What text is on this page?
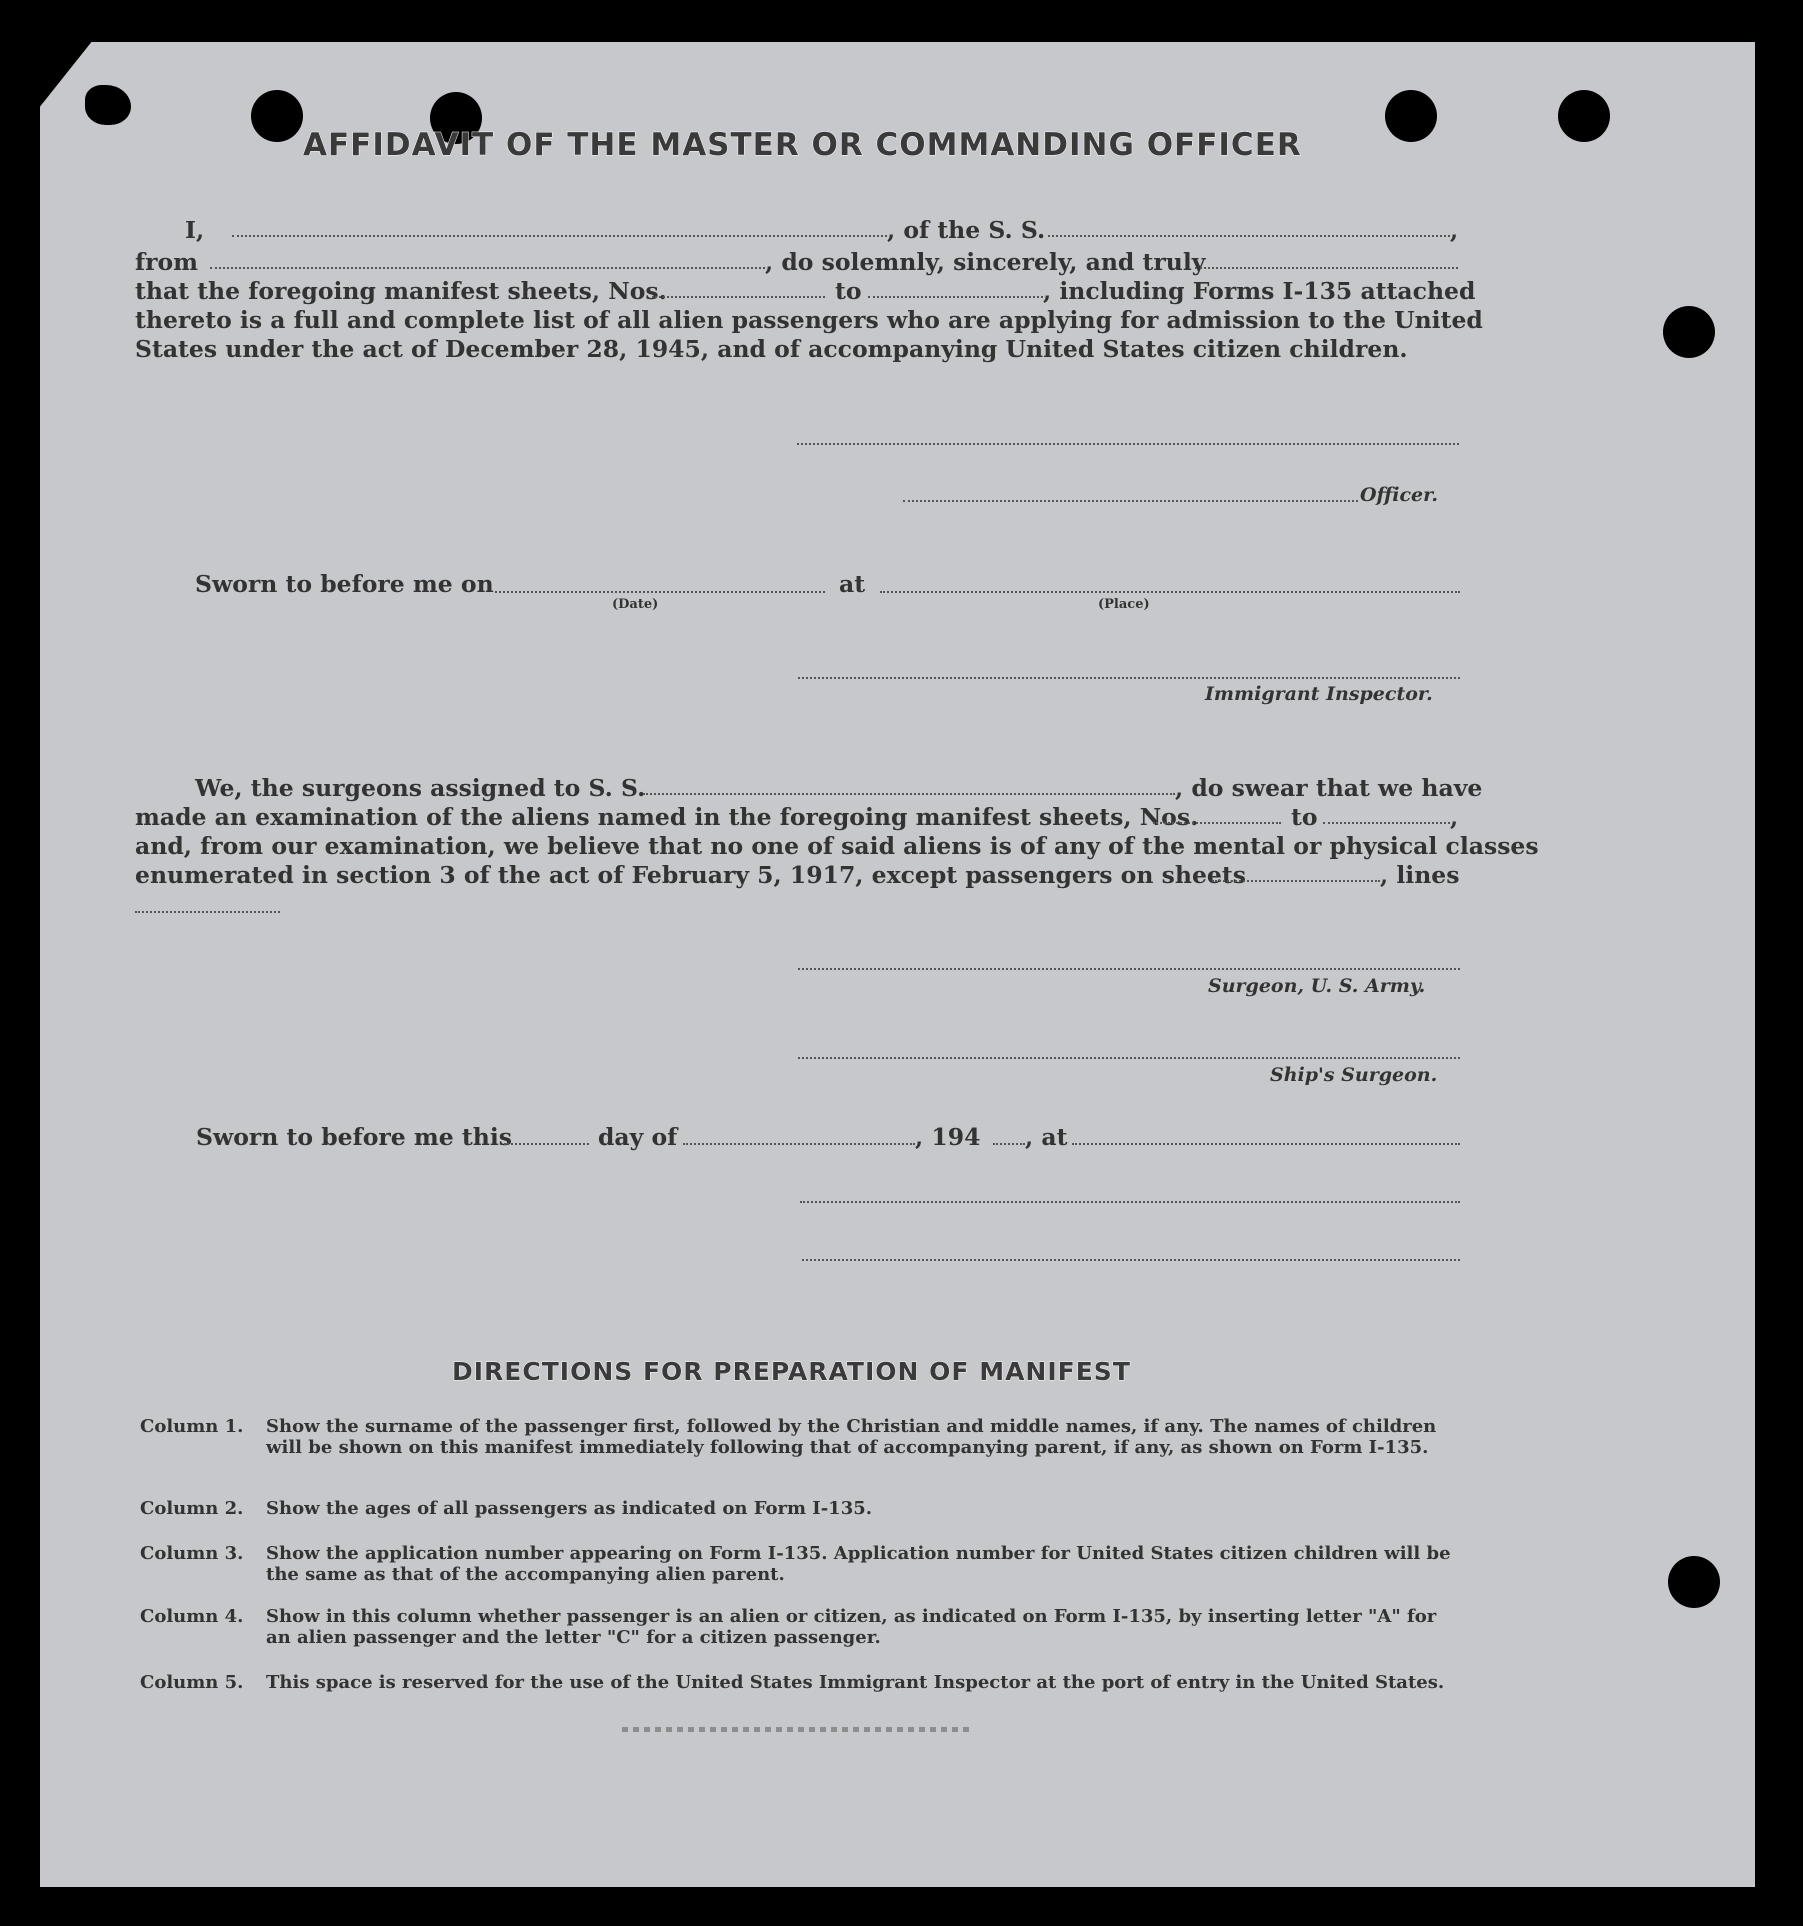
AFFIDAVIT OF THE MASTER OR COMMANDING OFFICER
I,	, of the S. S.	,
from	, do solemnly, sincerely, and truly
that the foregoing manifest sheets, Nos.	to	, including Forms I-135 attached
thereto is a full and complete list of all alien passengers who are applying for admission to the United
States under the act of December 28, 1945, and of accompanying United States citizen children.
Officer.
Sworn to before me on
(Date)
at
(Place)
Immigrant Inspector.
We, the surgeons assigned to S. S.	, do swear that we have
made an examination of the aliens named in the foregoing manifest sheets, Nos.	to	,
and, from our examination, we believe that no one of said aliens is of any of the mental or physical classes
enumerated in section 3 of the act of February 5, 1917, except passengers on sheets	, lines
Surgeon, U. S. Army.
Ship's Surgeon.
Sworn to before me this	day of	, 194 , at
DIRECTIONS FOR PREPARATION OF MANIFEST
Column 1. Show the surname of the passenger first, followed by the Christian and middle names, if any. The names of children will be shown on this manifest immediately following that of accompanying parent, if any, as shown on Form I-135.
Column 2. Show the ages of all passengers as indicated on Form I-135.
Column 3. Show the application number appearing on Form I-135. Application number for United States citizen children will be the same as that of the accompanying alien parent.
Column 4. Show in this column whether passenger is an alien or citizen, as indicated on Form I-135, by inserting letter "A" for an alien passenger and the letter "C" for a citizen passenger.
Column 5. This space is reserved for the use of the United States Immigrant Inspector at the port of entry in the United States.
